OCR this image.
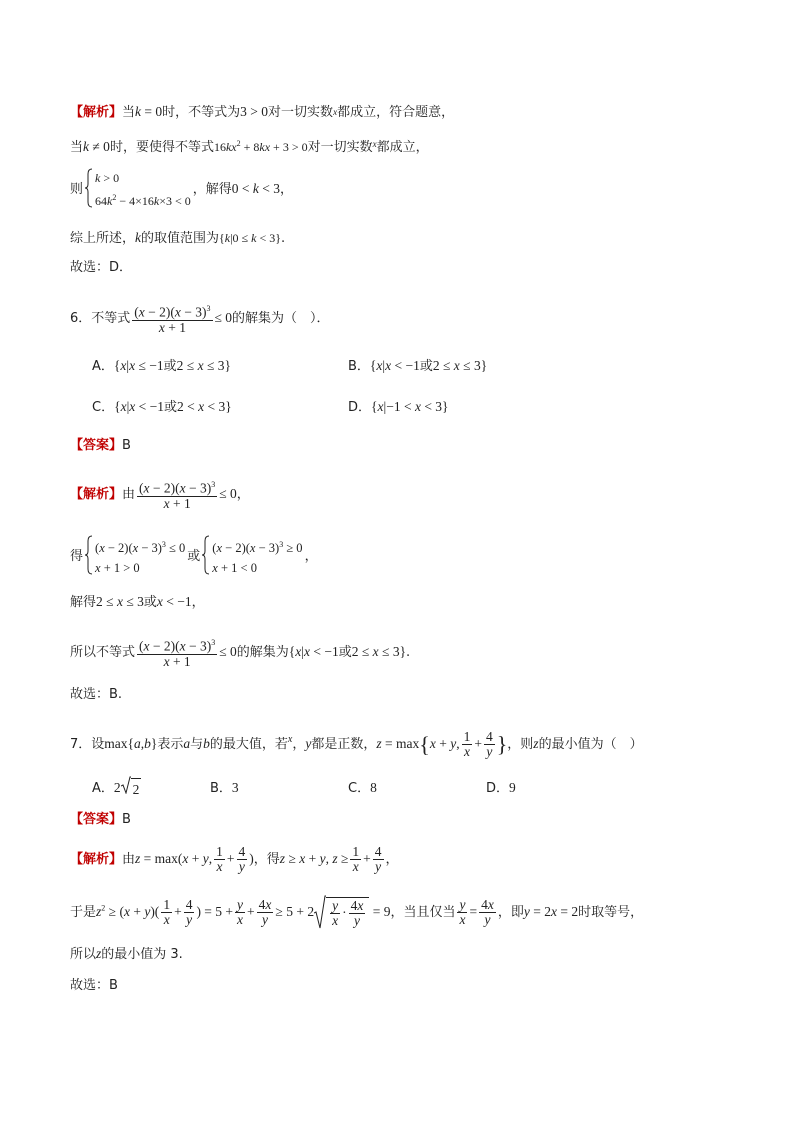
【解析】当k = 0时，不等式为3 > 0对一切实数$^x$都成立，符合题意，
当k ≠ 0时，要使得不等式$16kx^2 + 8kx + 3 > 0$对一切实数$^x$都成立，
则
k > 0
$64k^2 - 4\times 16k\times 3 < 0$
，解得0 < k < 3，
综上所述，k的取值范围为{k|0 ≤ k < 3}.
故选：D．
6．不等式 $\frac{(x - 2)(x - 3)^3}{x + 1} \le 0$的解集为（　）．
A．{x|x ≤ −1或2 ≤ x ≤ 3}	B．{x|x < −1或2 ≤ x ≤ 3}
C．{x|x < −1或2 < x < 3}	D．{x|−1 < x < 3}
【答案】B
【解析】由 $\frac{(x - 2)(x - 3)^3}{x + 1} \le 0$，
得
$(x - 2)(x - 3)^3 \le 0$
x + 1 > 0
或
$(x - 2)(x - 3)^3 \ge 0$
x + 1 < 0
，
解得2 ≤ x ≤ 3或x < −1，
所以不等式 $\frac{(x - 2)(x - 3)^3}{x + 1} \le 0$的解集为{x|x < −1或2 ≤ x ≤ 3}.
故选：B.
7．设max{a,b}表示a与b的最大值，若$^x$，y都是正数，z = max{x + y, $\frac{1}{x} + \frac{4}{y}$ }，则z的最小值为（　）
A．2 2	B．3	C．8	D．9
【答案】B
【解析】由z = max(x + y, $\frac{1}{x} + \frac{4}{y}$ )，得z ≥ x + y, $z \ge \frac{1}{x} + \frac{4}{y}$ ，
于是$z^2 \ge (x + y)( \frac{1}{x} + \frac{4}{y}$ ) = $5 + \frac{y}{x} + \frac{4x}{y} \ge 5 + 2 \frac{y}{x} \cdot \frac{4x}{y} = 9$，当且仅当 $\frac{y}{x} = \frac{4x}{y}$ ，即y = 2x = 2时取等号，
所以z的最小值为 3.
故选：B
